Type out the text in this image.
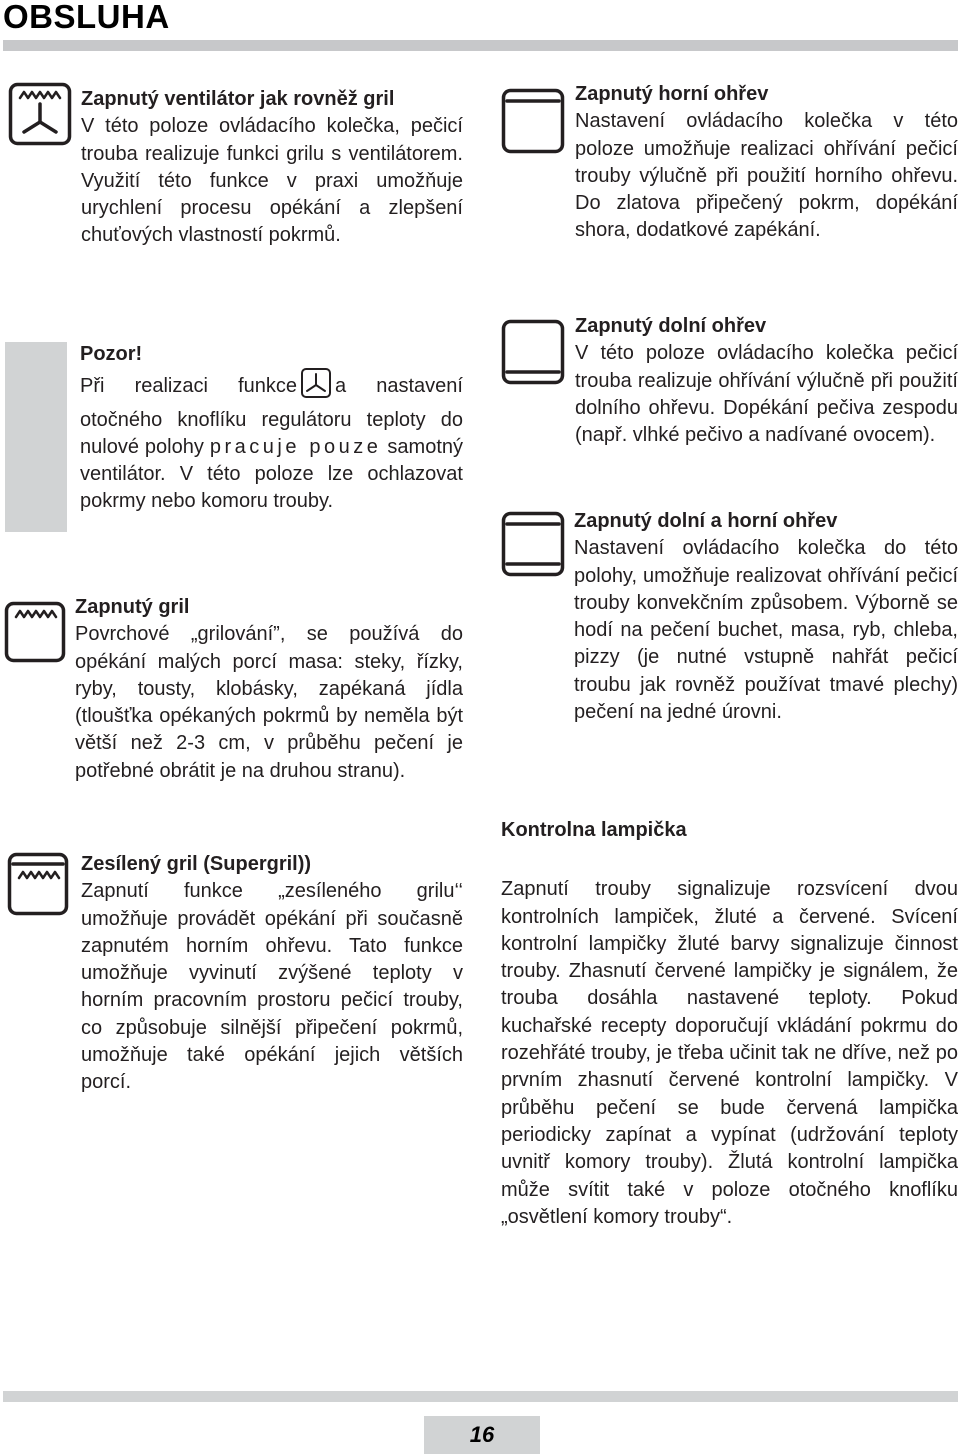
OBSLUHA
Zapnutý ventilátor jak rovněž gril

V této poloze ovládacího kolečka, pečicí trouba realizuje funkci grilu s ventilátorem. Využití této funkce v praxi umožňuje urychlení procesu opékání a zlepšení chuťových vlastností pokrmů.

Pozor!

Při realizaci funkce a nastavení otočného knoflíku regulátoru teploty do nulové polohy pracuje pouze samotný ventilátor. V této poloze lze ochlazovat pokrmy nebo komoru trouby.

Zapnutý gril

Povrchové „grilování”, se používá do opékání malých porcí masa: steky, řízky, ryby, tousty, klobásky, zapékaná jídla (tloušťka opékaných pokrmů by neměla být větší než 2-3 cm, v průběhu pečení je potřebné obrátit je na druhou stranu).

Zesílený gril (Supergril))

Zapnutí funkce „zesíleného grilu‘‘ umožňuje provádět opékání při současně zapnutém horním ohřevu. Tato funkce umožňuje vyvinutí zvýšené teploty v horním pracovním prostoru pečicí trouby, co způsobuje silnější připečení pokrmů, umožňuje také opékání jejich větších porcí.

Zapnutý horní ohřev

Nastavení ovládacího kolečka v této poloze umožňuje realizaci ohřívání pečicí trouby výlučně při použití horního ohřevu. Do zlatova připečený pokrm, dopékání shora, dodatkové zapékání.

Zapnutý dolní ohřev

V této poloze ovládacího kolečka pečicí trouba realizuje ohřívání výlučně při použití dolního ohřevu. Dopékání pečiva zespodu (např. vlhké pečivo a nadívané ovocem).

Zapnutý dolní a horní ohřev

Nastavení ovládacího kolečka do této polohy, umožňuje realizovat ohřívání pečicí trouby konvekčním způsobem. Výborně se hodí na pečení buchet, masa, ryb, chleba, pizzy (je nutné vstupně nahřát pečicí troubu jak rovněž používat tmavé plechy) pečení na jedné úrovni.

Kontrolna lampička

Zapnutí trouby signalizuje rozsvícení dvou kontrolních lampiček, žluté a červené. Svícení kontrolní lampičky žluté barvy signalizuje činnost trouby. Zhasnutí červené lampičky je signálem, že trouba dosáhla nastavené teploty. Pokud kuchařské recepty doporučují vkládání pokrmu do rozehřáté trouby, je třeba učinit tak ne dříve, než po prvním zhasnutí červené kontrolní lampičky. V průběhu pečení se bude červená lampička periodicky zapínat a vypínat (udržování teploty uvnitř komory trouby). Žlutá kontrolní lampička může svítit také v poloze otočného knoflíku „osvětlení komory trouby“.

16
